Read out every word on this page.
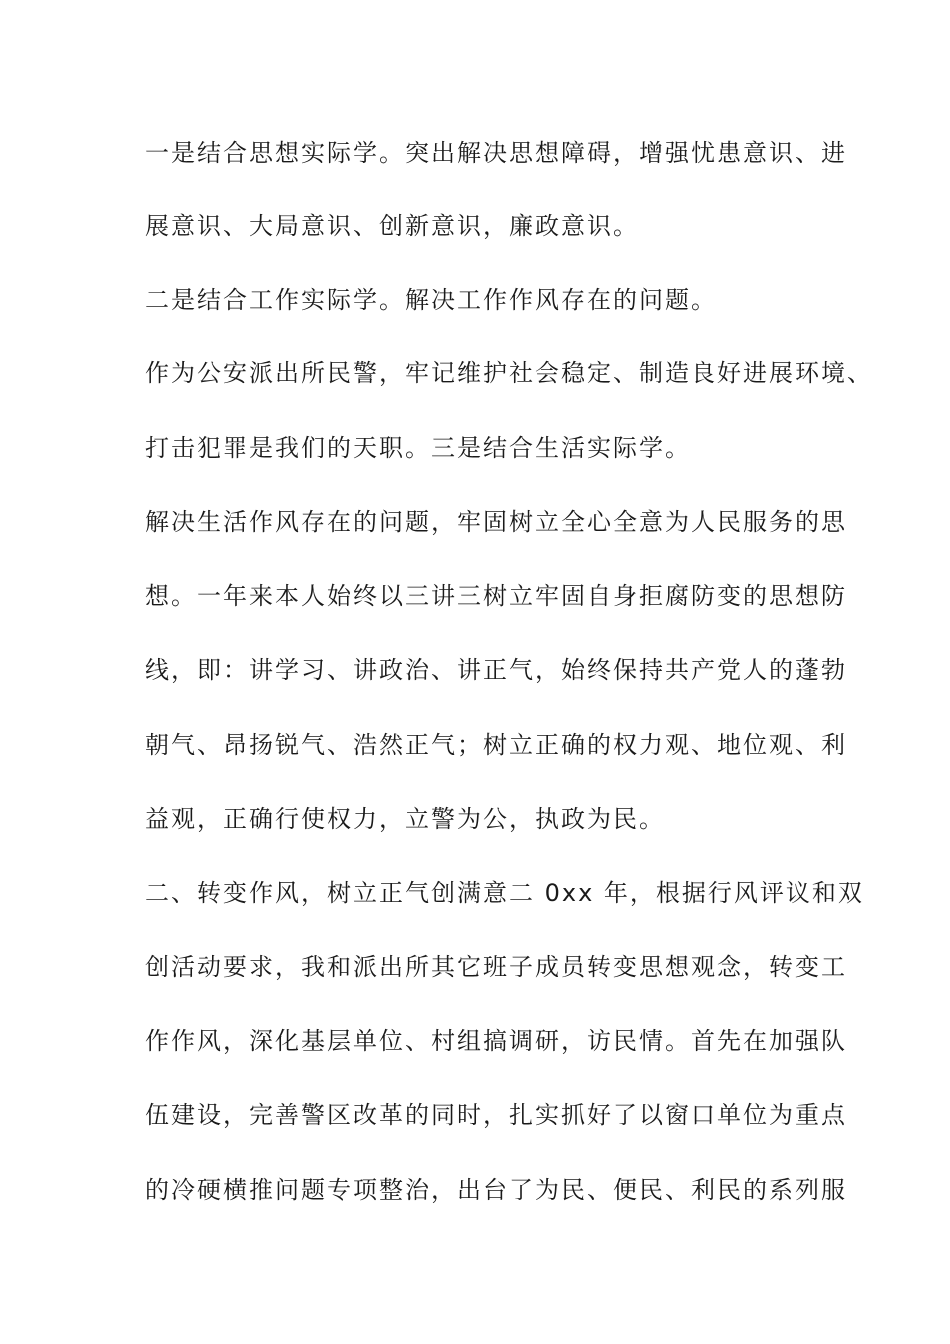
一是结合思想实际学。突出解决思想障碍，增强忧患意识、进
展意识、大局意识、创新意识，廉政意识。
二是结合工作实际学。解决工作作风存在的问题。
作为公安派出所民警，牢记维护社会稳定、制造良好进展环境、
打击犯罪是我们的天职。三是结合生活实际学。
解决生活作风存在的问题，牢固树立全心全意为人民服务的思
想。一年来本人始终以三讲三树立牢固自身拒腐防变的思想防
线，即：讲学习、讲政治、讲正气，始终保持共产党人的蓬勃
朝气、昂扬锐气、浩然正气；树立正确的权力观、地位观、利
益观，正确行使权力，立警为公，执政为民。
二、转变作风，树立正气创满意二 0xx 年，根据行风评议和双
创活动要求，我和派出所其它班子成员转变思想观念，转变工
作作风，深化基层单位、村组搞调研，访民情。首先在加强队
伍建设，完善警区改革的同时，扎实抓好了以窗口单位为重点
的冷硬横推问题专项整治，出台了为民、便民、利民的系列服
